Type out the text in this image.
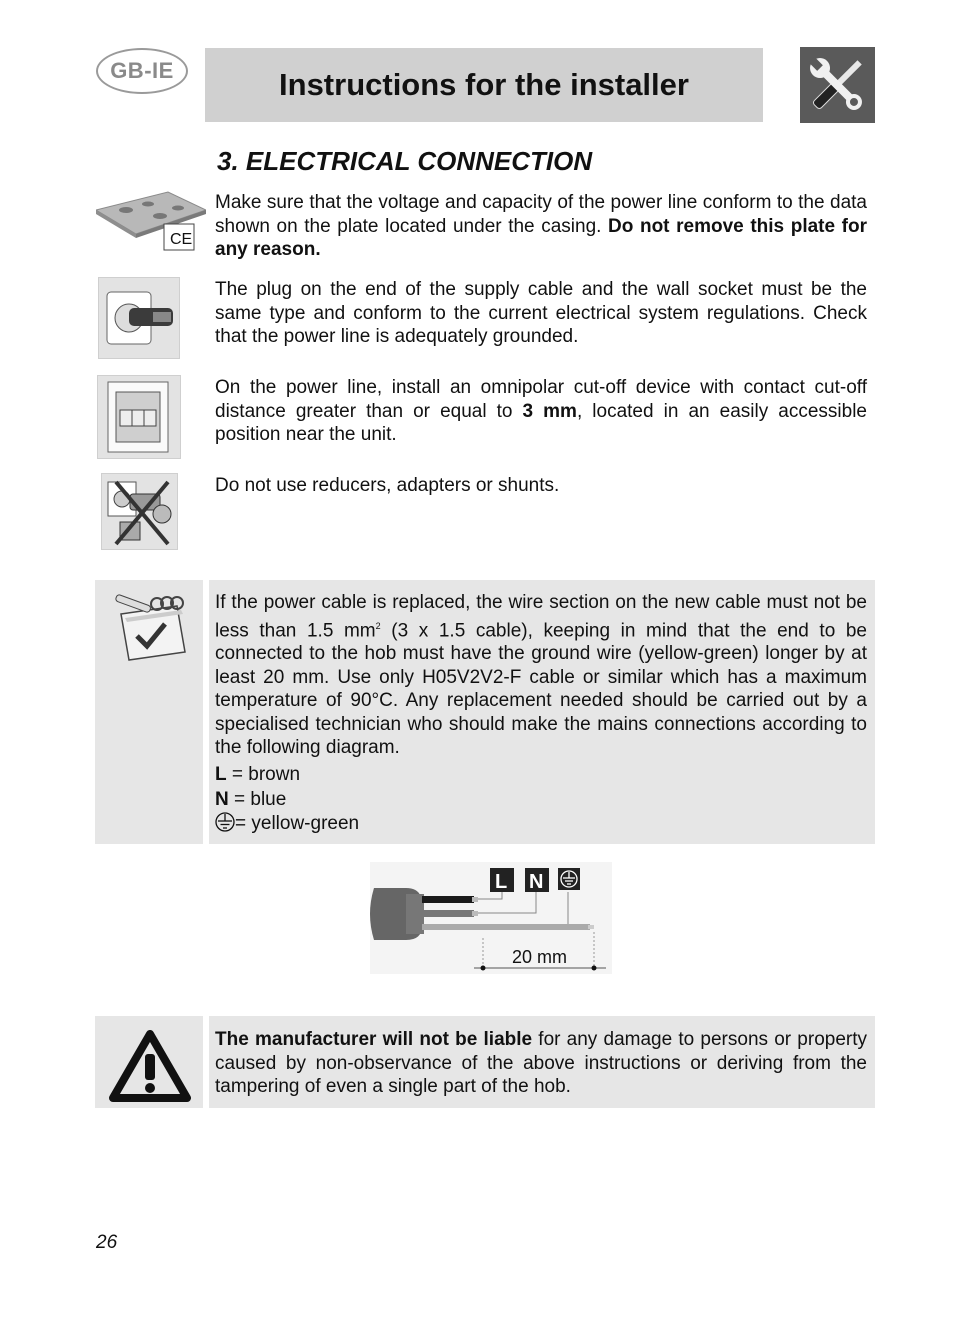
GB-IE	Instructions for the installer
3. ELECTRICAL CONNECTION
CE
Make sure that the voltage and capacity of the power line conform to the data shown on the plate located under the casing. Do not remove this plate for any reason.
The plug on the end of the supply cable and the wall socket must be the same type and conform to the current electrical system regulations. Check that the power line is adequately grounded.
On the power line, install an omnipolar cut-off device with contact cut-off distance greater than or equal to 3 mm, located in an easily accessible position near the unit.
Do not use reducers, adapters or shunts.
If the power cable is replaced, the wire section on the new cable must not be less than 1.5 $mm^2$ (3 x 1.5 cable), keeping in mind that the end to be connected to the hob must have the ground wire (yellow-green) longer by at least 20 mm. Use only H05V2V2-F cable or similar which has a maximum temperature of 90°C. Any replacement needed should be carried out by a specialised technician who should make the mains connections according to the following diagram.
L = brown
N = blue
= yellow-green
L N
20 mm
The manufacturer will not be liable for any damage to persons or property caused by non-observance of the above instructions or deriving from the tampering of even a single part of the hob.
26
